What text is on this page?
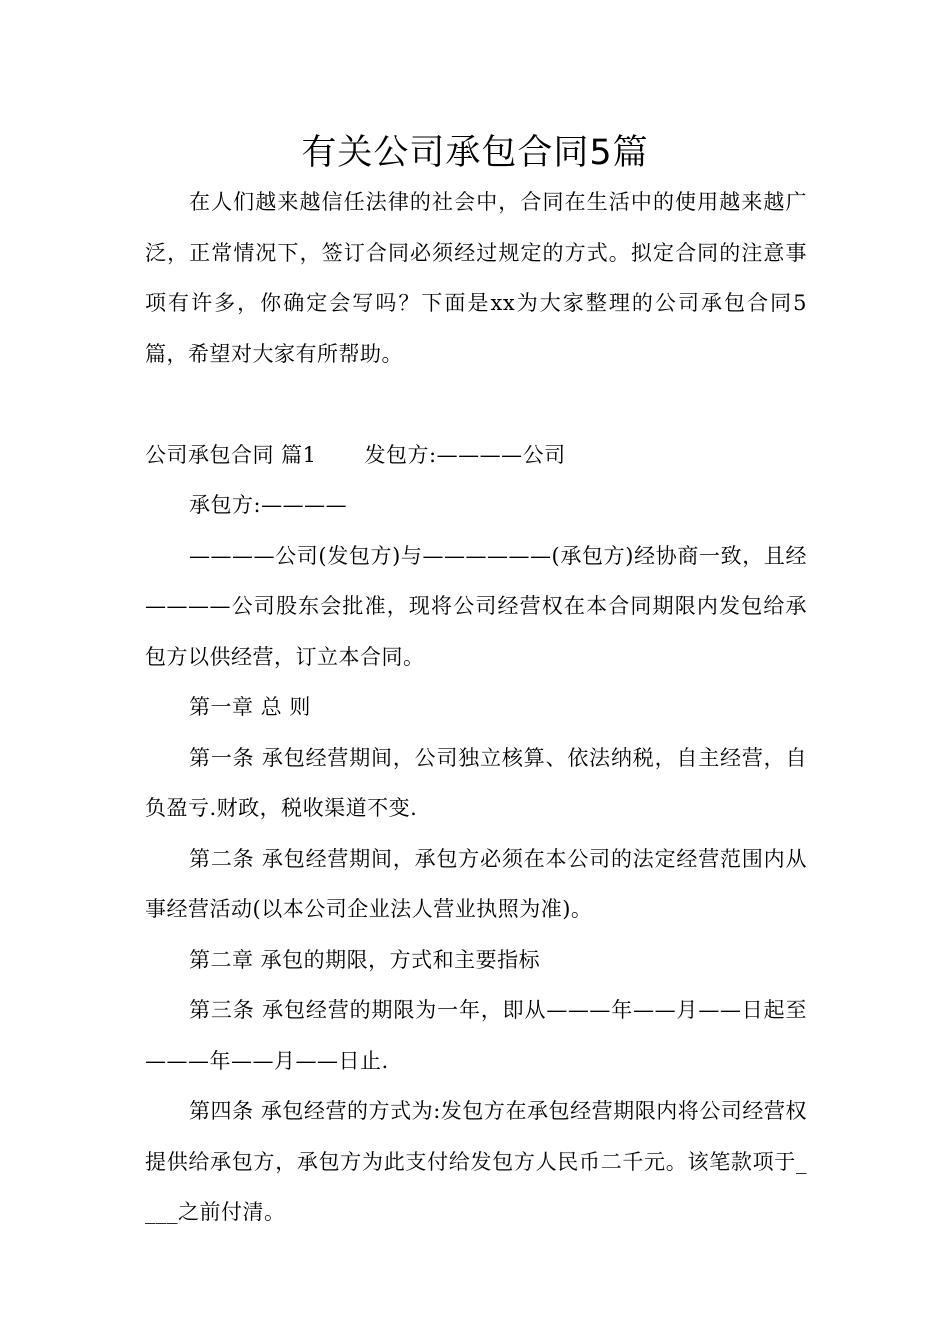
有关公司承包合同5篇

在人们越来越信任法律的社会中，合同在生活中的使用越来越广泛，正常情况下，签订合同必须经过规定的方式。拟定合同的注意事项有许多，你确定会写吗？下面是xx为大家整理的公司承包合同5篇，希望对大家有所帮助。

公司承包合同 篇1 发包方:————公司

承包方:————

————公司(发包方)与——————(承包方)经协商一致，且经————公司股东会批准，现将公司经营权在本合同期限内发包给承包方以供经营，订立本合同。

第一章 总 则

第一条 承包经营期间，公司独立核算、依法纳税，自主经营，自负盈亏.财政，税收渠道不变.

第二条 承包经营期间，承包方必须在本公司的法定经营范围内从事经营活动(以本公司企业法人营业执照为准)。

第二章 承包的期限，方式和主要指标

第三条 承包经营的期限为一年，即从———年——月——日起至———年——月——日止.

第四条 承包经营的方式为:发包方在承包经营期限内将公司经营权提供给承包方，承包方为此支付给发包方人民币二千元。该笔款项于____之前付清。
